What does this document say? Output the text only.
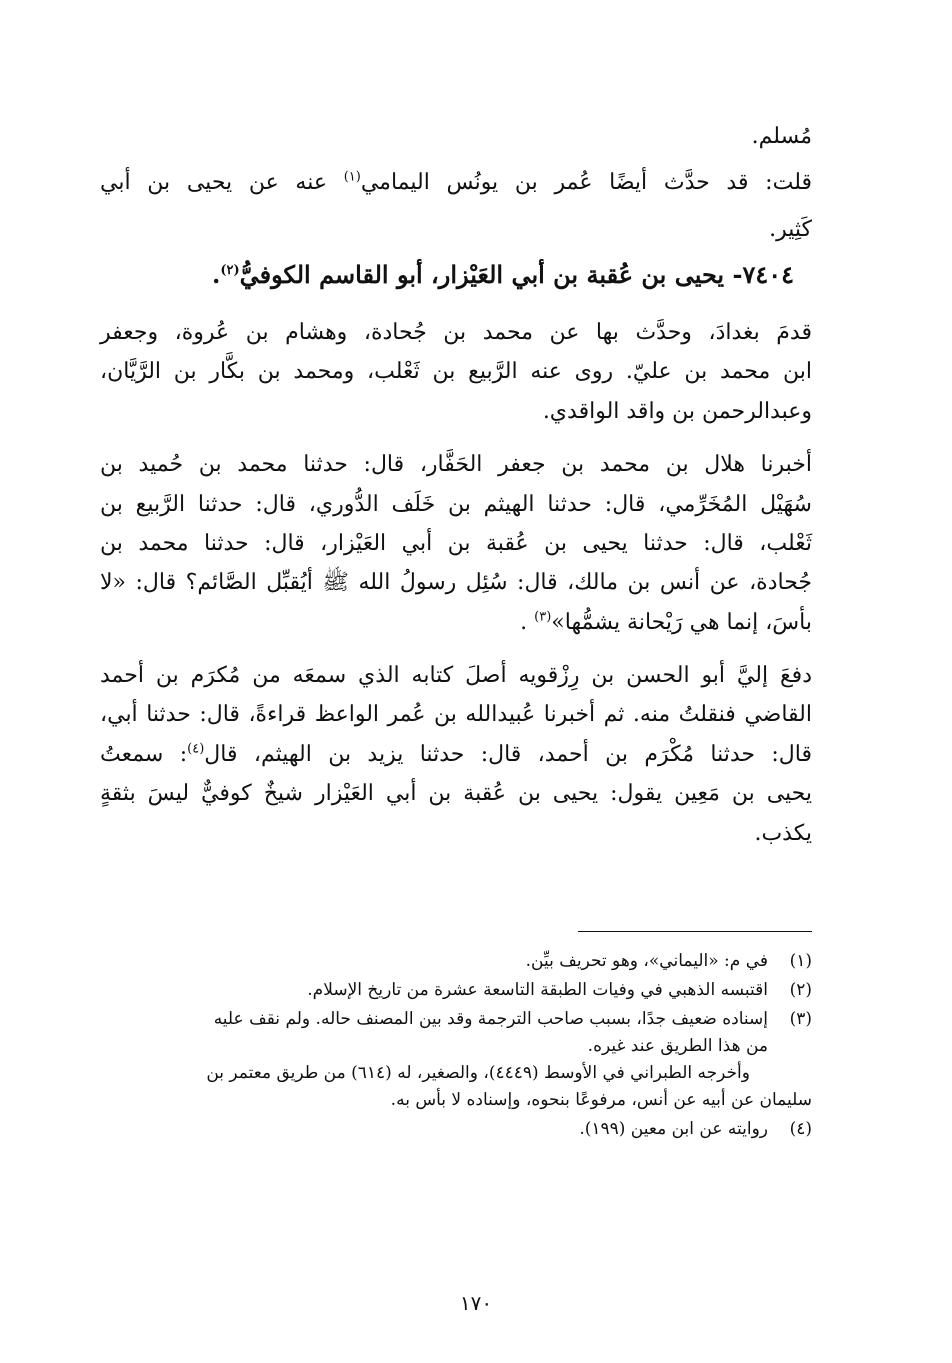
مُسلم.
قلت: قد حدَّث أيضًا عُمر بن يونُس اليمامي$^{(١)}$ عنه عن يحيى بن أبي
كَثِير.
٧٤٠٤- يحيى بن عُقبة بن أبي العَيْزار، أبو القاسم الكوفيُّ$^{(٢)}$.
قدمَ بغدادَ، وحدَّث بها عن محمد بن جُحادة، وهشام بن عُروة، وجعفر
ابن محمد بن عليّ. روى عنه الرَّبيع بن ثَعْلب، ومحمد بن بكَّار بن الرَّيَّان،
وعبدالرحمن بن واقد الواقدي.
أخبرنا هلال بن محمد بن جعفر الحَفَّار، قال: حدثنا محمد بن حُميد بن
سُهَيْل المُخَرِّمي، قال: حدثنا الهيثم بن خَلَف الدُّوري، قال: حدثنا الرَّبيع بن
ثَعْلب، قال: حدثنا يحيى بن عُقبة بن أبي العَيْزار، قال: حدثنا محمد بن
جُحادة، عن أنس بن مالك، قال: سُئِل رسولُ الله ﷺ أيُقبِّل الصَّائم؟ قال: «لا
بأسَ، إنما هي رَيْحانة يشمُّها»$^{(٣)}$ .
دفعَ إليَّ أبو الحسن بن رِزْقويه أصلَ كتابه الذي سمعَه من مُكرَم بن أحمد
القاضي فنقلتُ منه. ثم أخبرنا عُبيدالله بن عُمر الواعظ قراءةً، قال: حدثنا أبي،
قال: حدثنا مُكْرَم بن أحمد، قال: حدثنا يزيد بن الهيثم، قال$^{(٤)}$: سمعتُ
يحيى بن مَعِين يقول: يحيى بن عُقبة بن أبي العَيْزار شيخٌ كوفيٌّ ليسَ بثقةٍ
يكذب.
(١)في م: «اليماني»، وهو تحريف بيِّن.
(٢)اقتبسه الذهبي في وفيات الطبقة التاسعة عشرة من تاريخ الإسلام.
(٣)إسناده ضعيف جدًا، بسبب صاحب الترجمة وقد بين المصنف حاله. ولم نقف عليه
من هذا الطريق عند غيره.
وأخرجه الطبراني في الأوسط (٤٤٤٩)، والصغير، له (٦١٤) من طريق معتمر بن
سليمان عن أبيه عن أنس، مرفوعًا بنحوه، وإسناده لا بأس به.
(٤)روايته عن ابن معين (١٩٩).
١٧٠
